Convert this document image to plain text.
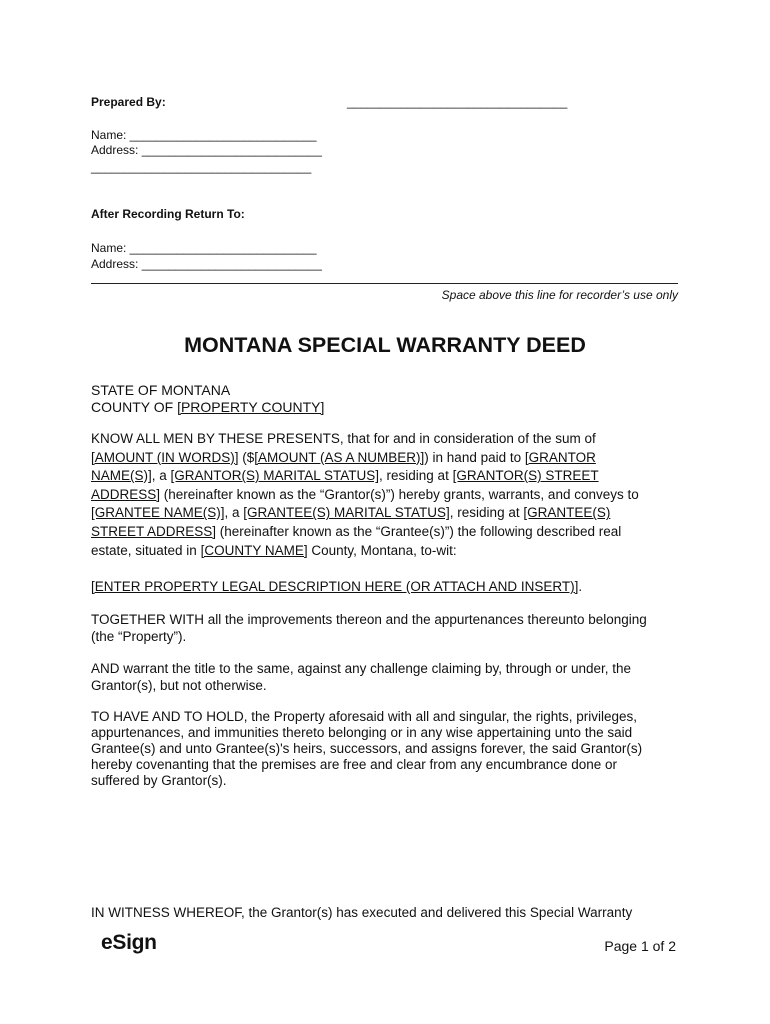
Prepared By:	_________________________________
Name: ____________________________
Address: ___________________________
_________________________________
After Recording Return To:
Name: ____________________________
Address: ___________________________
Space above this line for recorder’s use only
MONTANA SPECIAL WARRANTY DEED
STATE OF MONTANA
COUNTY OF [PROPERTY COUNTY]
KNOW ALL MEN BY THESE PRESENTS, that for and in consideration of the sum of [AMOUNT (IN WORDS)] ($[AMOUNT (AS A NUMBER)]) in hand paid to [GRANTOR NAME(S)], a [GRANTOR(S) MARITAL STATUS], residing at [GRANTOR(S) STREET ADDRESS] (hereinafter known as the “Grantor(s)”) hereby grants, warrants, and conveys to [GRANTEE NAME(S)], a [GRANTEE(S) MARITAL STATUS], residing at [GRANTEE(S) STREET ADDRESS] (hereinafter known as the “Grantee(s)”) the following described real estate, situated in [COUNTY NAME] County, Montana, to-wit:
[ENTER PROPERTY LEGAL DESCRIPTION HERE (OR ATTACH AND INSERT)].
TOGETHER WITH all the improvements thereon and the appurtenances thereunto belonging (the “Property”).
AND warrant the title to the same, against any challenge claiming by, through or under, the Grantor(s), but not otherwise.
TO HAVE AND TO HOLD, the Property aforesaid with all and singular, the rights, privileges, appurtenances, and immunities thereto belonging or in any wise appertaining unto the said Grantee(s) and unto Grantee(s)'s heirs, successors, and assigns forever, the said Grantor(s) hereby covenanting that the premises are free and clear from any encumbrance done or suffered by Grantor(s).
IN WITNESS WHEREOF, the Grantor(s) has executed and delivered this Special Warranty
eSign	Page 1 of 2
